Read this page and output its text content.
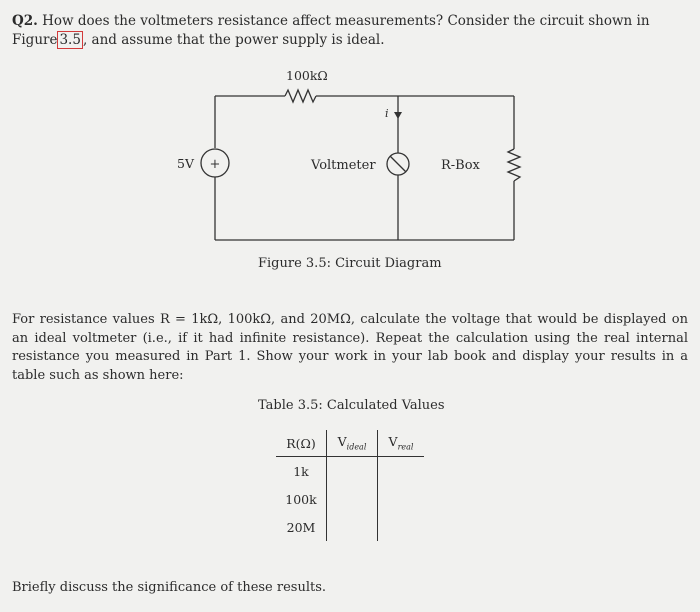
Q2. How does the voltmeters resistance affect measurements? Consider the circuit shown in Figure 3.5 , and assume that the power supply is ideal.
+
100kΩ
5V
i
Voltmeter	R-Box
Figure 3.5: Circuit Diagram
For resistance values R = 1kΩ, 100kΩ, and 20MΩ, calculate the voltage that would be displayed on an ideal voltmeter (i.e., if it had infinite resistance). Repeat the calculation using the real internal resistance you measured in Part 1. Show your work in your lab book and display your results in a table such as shown here:
Table 3.5: Calculated Values
R(Ω)	$V_{ideal}$	$V_{real}$
1k		
100k		
20M		
Briefly discuss the significance of these results.
